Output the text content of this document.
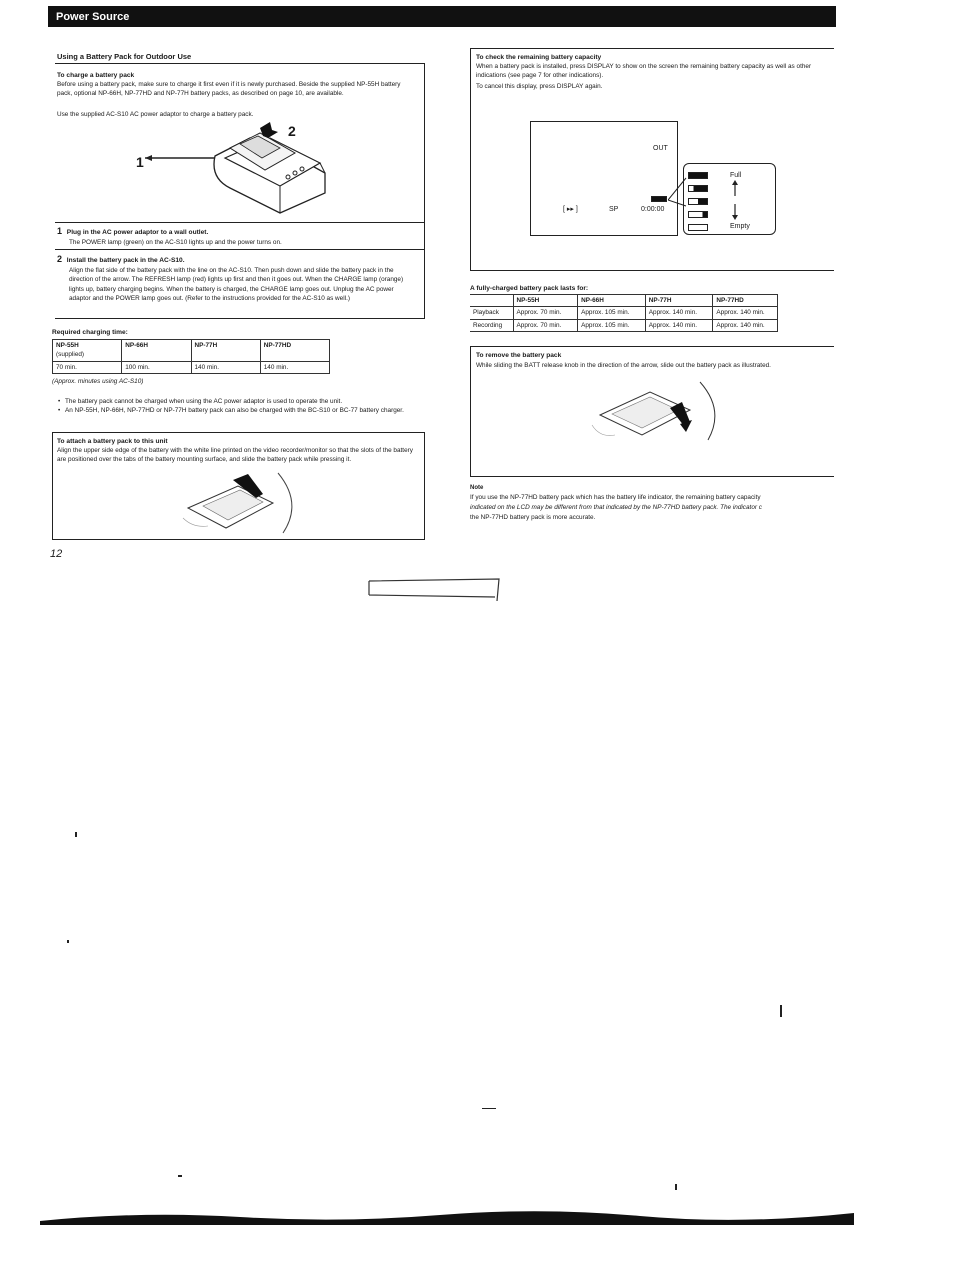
Power Source
Using a Battery Pack for Outdoor Use
To charge a battery pack

Before using a battery pack, make sure to charge it first even if it is newly purchased. Beside the supplied NP-55H battery pack, optional NP-66H, NP-77HD and NP-77H battery packs, as described on page 10, are available.

Use the supplied AC-S10 AC power adaptor to charge a battery pack.

1
2
1 Plug in the AC power adaptor to a wall outlet.

The POWER lamp (green) on the AC-S10 lights up and the power turns on.

2 Install the battery pack in the AC-S10.

Align the flat side of the battery pack with the line on the AC-S10. Then push down and slide the battery pack in the direction of the arrow. The REFRESH lamp (red) lights up first and then it goes out. When the CHARGE lamp (orange) lights up, battery charging begins. When the battery is charged, the CHARGE lamp goes out. Unplug the AC power adaptor and the POWER lamp goes out. (Refer to the instructions provided for the AC-S10 as well.)

Required charging time:
NP-55H
(supplied)	NP-66H	NP-77H	NP-77HD
70 min.	100 min.	140 min.	140 min.
(Approx. minutes using AC-S10)
• The battery pack cannot be charged when using the AC power adaptor is used to operate the unit.
• An NP-55H, NP-66H, NP-77HD or NP-77H battery pack can also be charged with the BC-S10 or BC-77 battery charger.
To attach a battery pack to this unit

Align the upper side edge of the battery with the white line printed on the video recorder/monitor so that the slots of the battery are positioned over the tabs of the battery mounting surface, and slide the battery pack while pressing it.

12
To check the remaining battery capacity

When a battery pack is installed, press DISPLAY to show on the screen the remaining battery capacity as well as other indications (see page 7 for other indications).

To cancel this display, press DISPLAY again.

OUT
[ ▸▸ ]	SP	0:00:00
Full
Empty
A fully-charged battery pack lasts for:
	NP-55H	NP-66H	NP-77H	NP-77HD
Playback	Approx. 70 min.	Approx. 105 min.	Approx. 140 min.	Approx. 140 min.
Recording	Approx. 70 min.	Approx. 105 min.	Approx. 140 min.	Approx. 140 min.
To remove the battery pack

While sliding the BATT release knob in the direction of the arrow, slide out the battery pack as illustrated.

Note

If you use the NP-77HD battery pack which has the battery life indicator, the remaining battery capacity

indicated on the LCD may be different from that indicated by the NP-77HD battery pack. The indicator c

the NP-77HD battery pack is more accurate.
